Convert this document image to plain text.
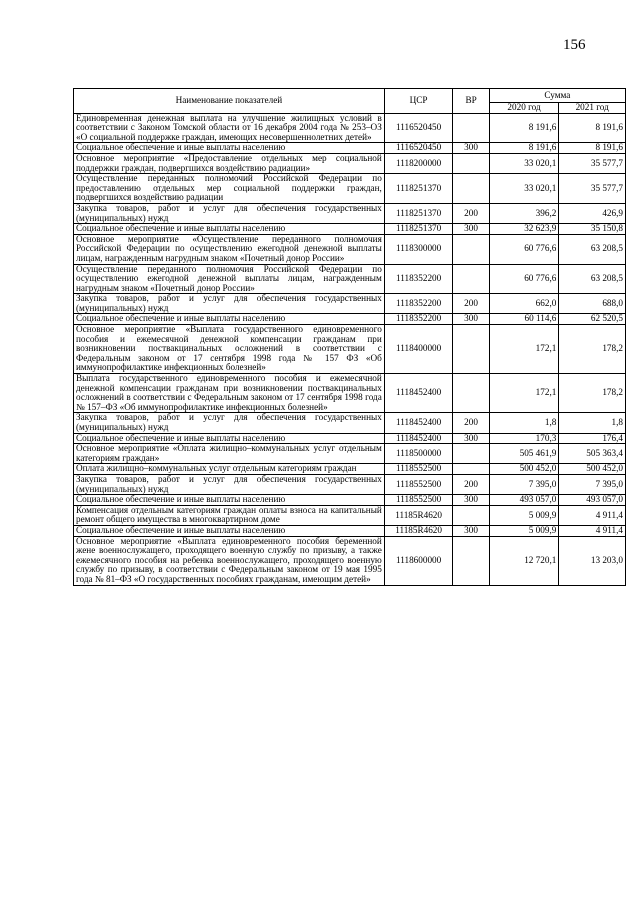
156
Наименование показателей	ЦСР	ВР	Сумма	
			2020 год	2021 год
Единовременная денежная выплата на улучшение жилищных условий в соответствии с Законом Томской области от 16 декабря 2004 года № 253–ОЗ «О социальной поддержке граждан, имеющих несовершеннолетних детей»	1116520450		8 191,6	8 191,6
Социальное обеспечение и иные выплаты населению	1116520450	300	8 191,6	8 191,6
Основное мероприятие «Предоставление отдельных мер социальной поддержки граждан, подвергшихся воздействию радиации»	1118200000		33 020,1	35 577,7
Осуществление переданных полномочий Российской Федерации по предоставлению отдельных мер социальной поддержки граждан, подвергшихся воздействию радиации	1118251370		33 020,1	35 577,7
Закупка товаров, работ и услуг для обеспечения государственных (муниципальных) нужд	1118251370	200	396,2	426,9
Социальное обеспечение и иные выплаты населению	1118251370	300	32 623,9	35 150,8
Основное мероприятие «Осуществление переданного полномочия Российской Федерации по осуществлению ежегодной денежной выплаты лицам, награжденным нагрудным знаком «Почетный донор России»	1118300000		60 776,6	63 208,5
Осуществление переданного полномочия Российской Федерации по осуществлению ежегодной денежной выплаты лицам, награжденным нагрудным знаком «Почетный донор России»	1118352200		60 776,6	63 208,5
Закупка товаров, работ и услуг для обеспечения государственных (муниципальных) нужд	1118352200	200	662,0	688,0
Социальное обеспечение и иные выплаты населению	1118352200	300	60 114,6	62 520,5
Основное мероприятие «Выплата государственного единовременного пособия и ежемесячной денежной компенсации гражданам при возникновении поствакцинальных осложнений в соответствии с Федеральным законом от 17 сентября 1998 года № 157 ФЗ «Об иммунопрофилактике инфекционных болезней»	1118400000		172,1	178,2
Выплата государственного единовременного пособия и ежемесячной денежной компенсации гражданам при возникновении поствакцинальных осложнений в соответствии с Федеральным законом от 17 сентября 1998 года № 157–ФЗ «Об иммунопрофилактике инфекционных болезней»	1118452400		172,1	178,2
Закупка товаров, работ и услуг для обеспечения государственных (муниципальных) нужд	1118452400	200	1,8	1,8
Социальное обеспечение и иные выплаты населению	1118452400	300	170,3	176,4
Основное мероприятие «Оплата жилищно–коммунальных услуг отдельным категориям граждан»	1118500000		505 461,9	505 363,4
Оплата жилищно–коммунальных услуг отдельным категориям граждан	1118552500		500 452,0	500 452,0
Закупка товаров, работ и услуг для обеспечения государственных (муниципальных) нужд	1118552500	200	7 395,0	7 395,0
Социальное обеспечение и иные выплаты населению	1118552500	300	493 057,0	493 057,0
Компенсация отдельным категориям граждан оплаты взноса на капитальный ремонт общего имущества в многоквартирном доме	11185R4620		5 009,9	4 911,4
Социальное обеспечение и иные выплаты населению	11185R4620	300	5 009,9	4 911,4
Основное мероприятие «Выплата единовременного пособия беременной жене военнослужащего, проходящего военную службу по призыву, а также ежемесячного пособия на ребенка военнослужащего, проходящего военную службу по призыву, в соответствии с Федеральным законом от 19 мая 1995 года № 81–ФЗ «О государственных пособиях гражданам, имеющим детей»	1118600000		12 720,1	13 203,0
